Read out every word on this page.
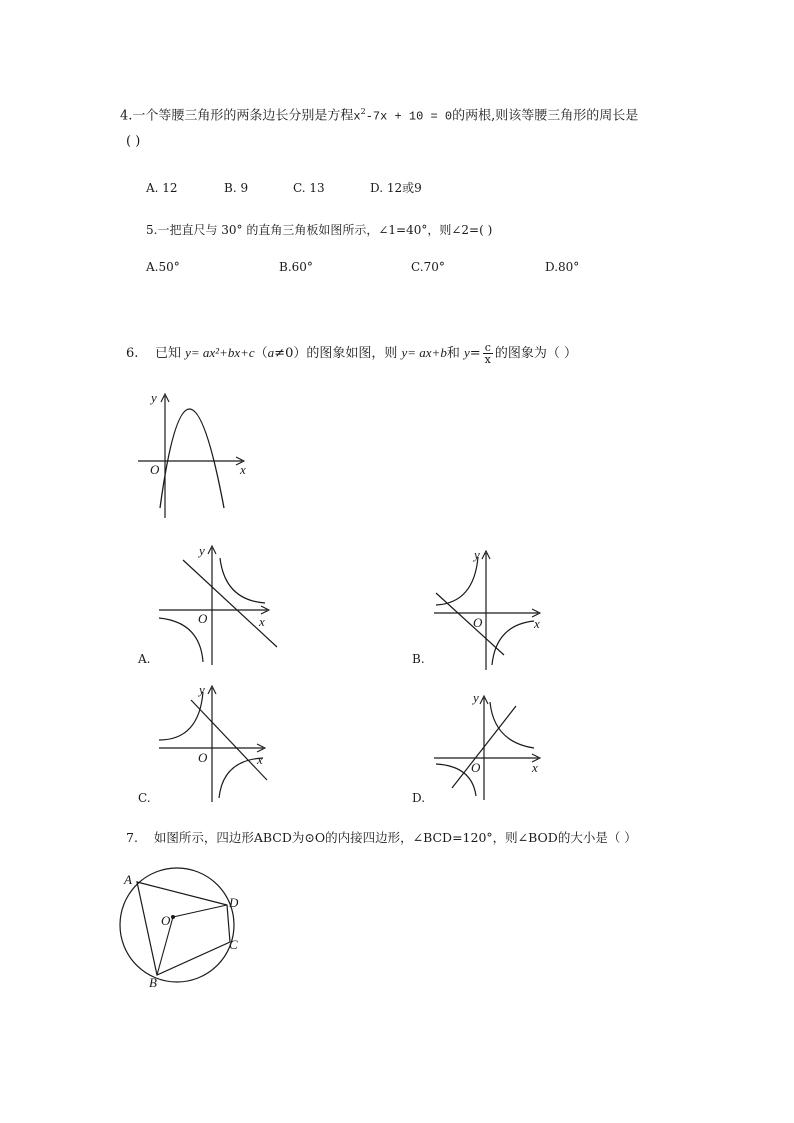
4.一个等腰三角形的两条边长分别是方程$x^2-7x + 10 = 0$的两根,则该等腰三角形的周长是
( )
A. 12	B. 9	C. 13	D. 12或9
5.一把直尺与 30° 的直角三角板如图所示，∠1=40°，则∠2=( )
A.50°	B.60°	C.70°	D.80°
6. 已知 y= ax²+bx+c（a≠0）的图象如图，则 y= ax+b和 $y= \frac{c}{x}$ 的图象为（ ）
x
y
O
x
y
O
A.
x
y
O
B.
x
y
O
C.
x
y
O
D.
7. 如图所示，四边形ABCD为⊙O的内接四边形，∠BCD=120°，则∠BOD的大小是（ ）
A
B
C
D
O
